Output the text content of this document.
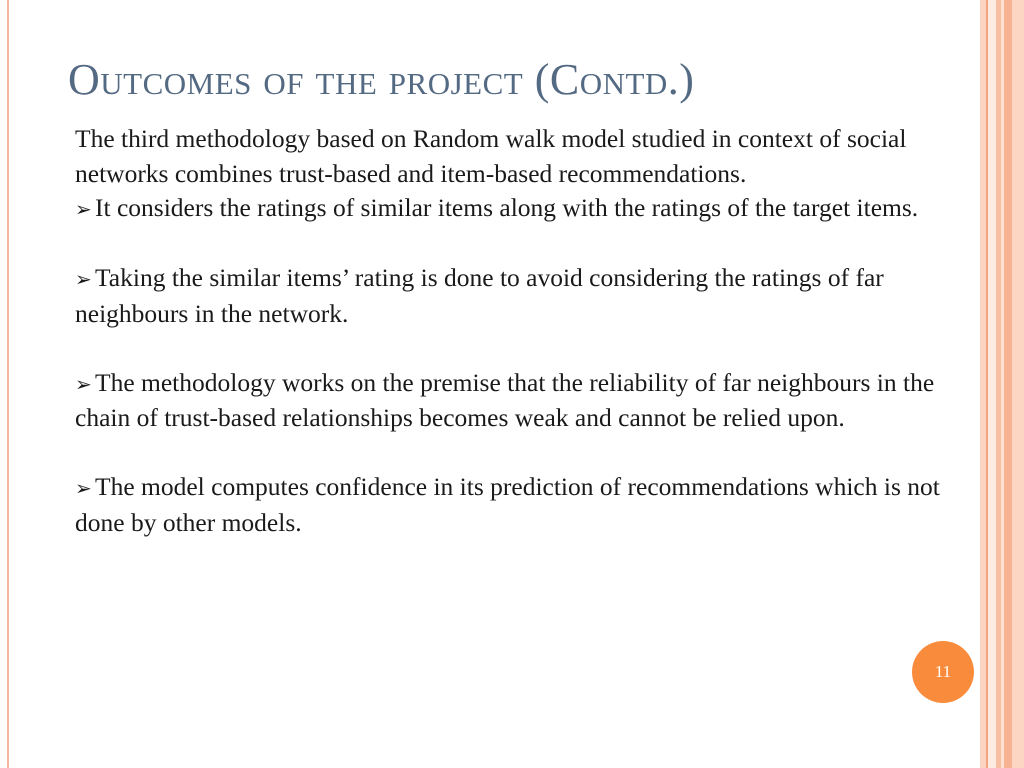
Outcomes of the project (Contd.)

The third methodology based on Random walk model studied in context of social networks combines trust-based and item-based recommendations.

➢ It considers the ratings of similar items along with the ratings of the target items.

➢ Taking the similar items’ rating is done to avoid considering the ratings of far neighbours in the network.

➢ The methodology works on the premise that the reliability of far neighbours in the chain of trust-based relationships becomes weak and cannot be relied upon.

➢ The model computes confidence in its prediction of recommendations which is not done by other models.

11
